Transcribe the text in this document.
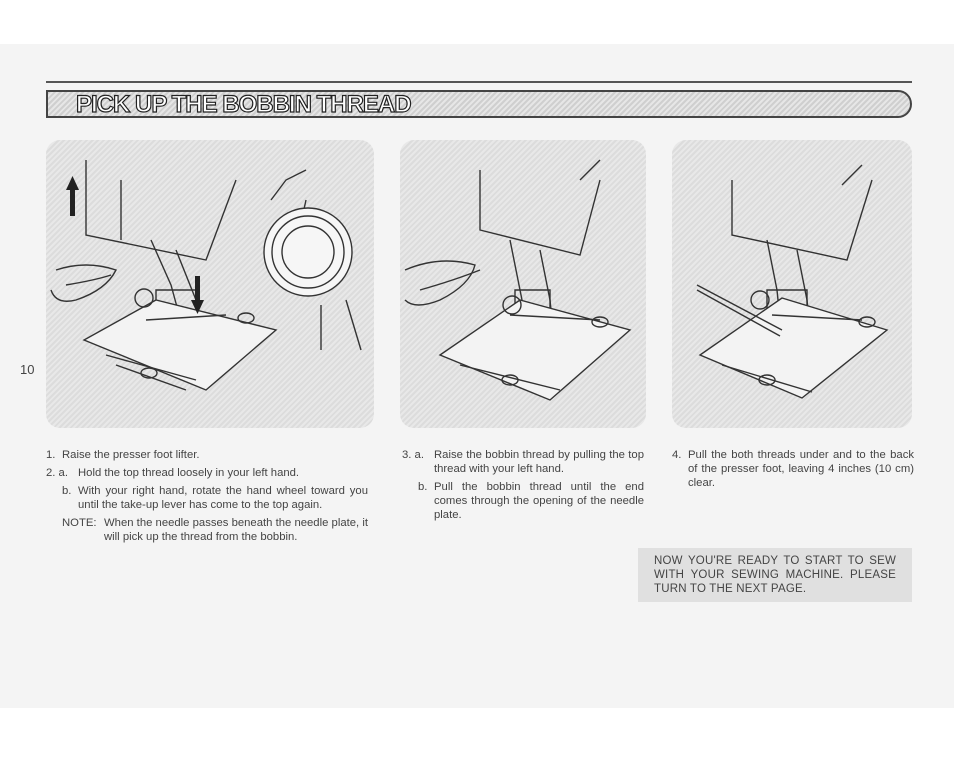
PICK UP THE BOBBIN THREAD
10
1. Raise the presser foot lifter.
2. a. Hold the top thread loosely in your left hand.
b. With your right hand, rotate the hand wheel toward you until the take-up lever has come to the top again.
NOTE: When the needle passes beneath the needle plate, it will pick up the thread from the bobbin.
3. a. Raise the bobbin thread by pulling the top thread with your left hand.
b. Pull the bobbin thread until the end comes through the opening of the needle plate.
4. Pull the both threads under and to the back of the presser foot, leaving 4 inches (10 cm) clear.
NOW YOU'RE READY TO START TO SEW WITH YOUR SEWING MACHINE. PLEASE TURN TO THE NEXT PAGE.
